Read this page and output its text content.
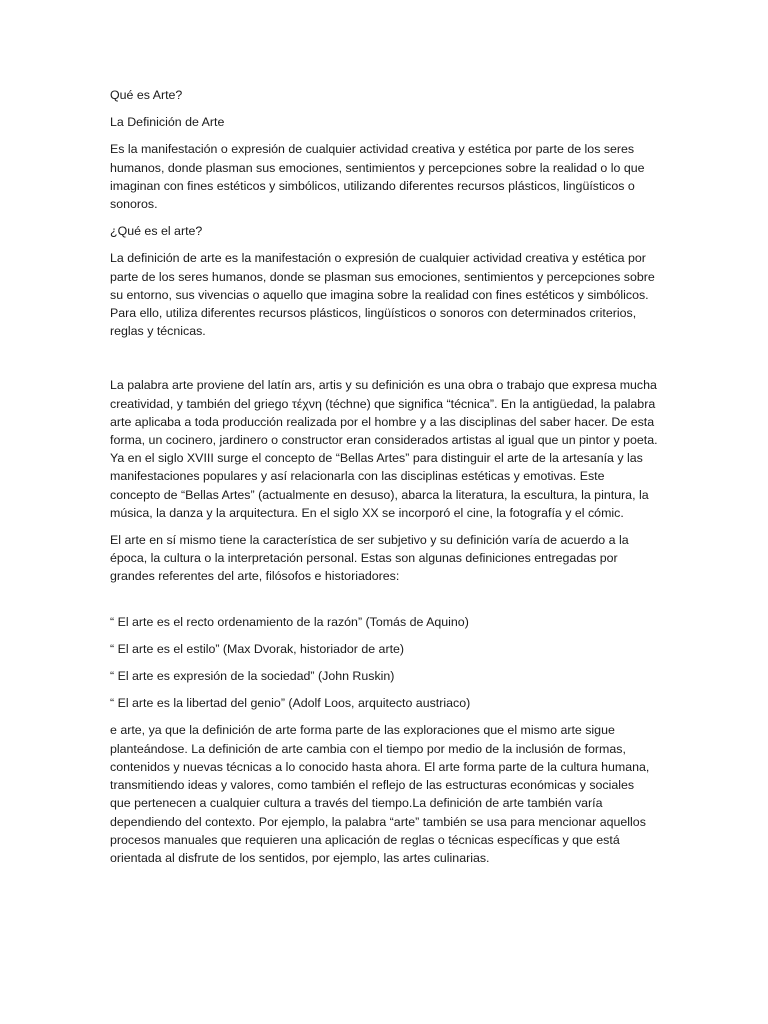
Qué es Arte?

La Definición de Arte

Es la manifestación o expresión de cualquier actividad creativa y estética por parte de los seres humanos, donde plasman sus emociones, sentimientos y percepciones sobre la realidad o lo que imaginan con fines estéticos y simbólicos, utilizando diferentes recursos plásticos, lingüísticos o sonoros.

¿Qué es el arte?

La definición de arte es la manifestación o expresión de cualquier actividad creativa y estética por parte de los seres humanos, donde se plasman sus emociones, sentimientos y percepciones sobre su entorno, sus vivencias o aquello que imagina sobre la realidad con fines estéticos y simbólicos. Para ello, utiliza diferentes recursos plásticos, lingüísticos o sonoros con determinados criterios, reglas y técnicas.

La palabra arte proviene del latín ars, artis y su definición es una obra o trabajo que expresa mucha creatividad, y también del griego τέχνη (téchne) que significa “técnica”. En la antigüedad, la palabra arte aplicaba a toda producción realizada por el hombre y a las disciplinas del saber hacer. De esta forma, un cocinero, jardinero o constructor eran considerados artistas al igual que un pintor y poeta. Ya en el siglo XVIII surge el concepto de “Bellas Artes” para distinguir el arte de la artesanía y las manifestaciones populares y así relacionarla con las disciplinas estéticas y emotivas. Este concepto de “Bellas Artes” (actualmente en desuso), abarca la literatura, la escultura, la pintura, la música, la danza y la arquitectura. En el siglo XX se incorporó el cine, la fotografía y el cómic.

El arte en sí mismo tiene la característica de ser subjetivo y su definición varía de acuerdo a la época, la cultura o la interpretación personal. Estas son algunas definiciones entregadas por grandes referentes del arte, filósofos e historiadores:

“ El arte es el recto ordenamiento de la razón” (Tomás de Aquino)

“ El arte es el estilo” (Max Dvorak, historiador de arte)

“ El arte es expresión de la sociedad” (John Ruskin)

“ El arte es la libertad del genio” (Adolf Loos, arquitecto austriaco)

e arte, ya que la definición de arte forma parte de las exploraciones que el mismo arte sigue planteándose. La definición de arte cambia con el tiempo por medio de la inclusión de formas, contenidos y nuevas técnicas a lo conocido hasta ahora. El arte forma parte de la cultura humana, transmitiendo ideas y valores, como también el reflejo de las estructuras económicas y sociales que pertenecen a cualquier cultura a través del tiempo.La definición de arte también varía dependiendo del contexto. Por ejemplo, la palabra “arte” también se usa para mencionar aquellos procesos manuales que requieren una aplicación de reglas o técnicas específicas y que está orientada al disfrute de los sentidos, por ejemplo, las artes culinarias.
